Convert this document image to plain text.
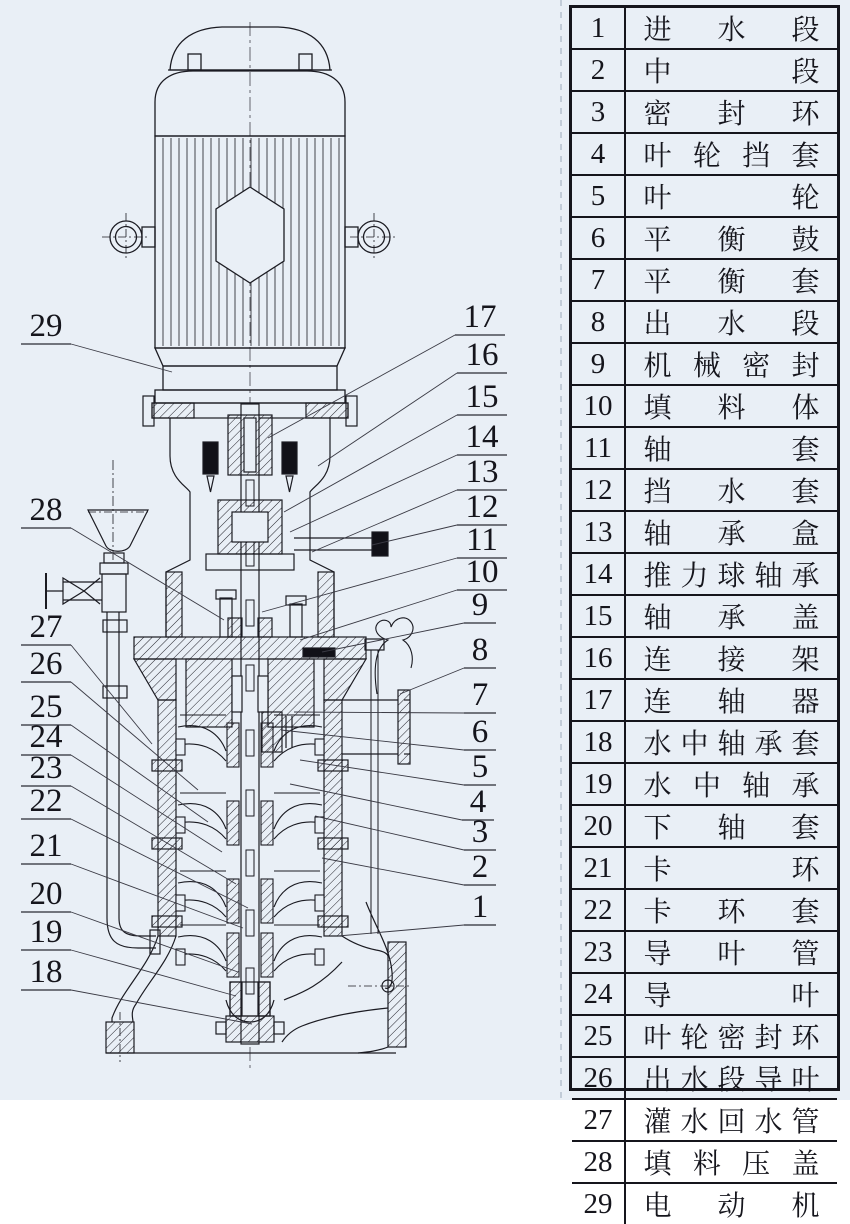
29
28
27
26
25
24
23
22
21
20
19
18
17
16
15
14
13
12
11
10
9
8
7
6
5
4
3
2
1
1	进水段
2	中段
3	密封环
4	叶轮挡套
5	叶轮
6	平衡鼓
7	平衡套
8	出水段
9	机械密封
10	填料体
11	轴套
12	挡水套
13	轴承盒
14	推力球轴承
15	轴承盖
16	连接架
17	连轴器
18	水中轴承套
19	水中轴承
20	下轴套
21	卡环
22	卡环套
23	导叶管
24	导叶
25	叶轮密封环
26	出水段导叶
27	灌水回水管
28	填料压盖
29	电动机
